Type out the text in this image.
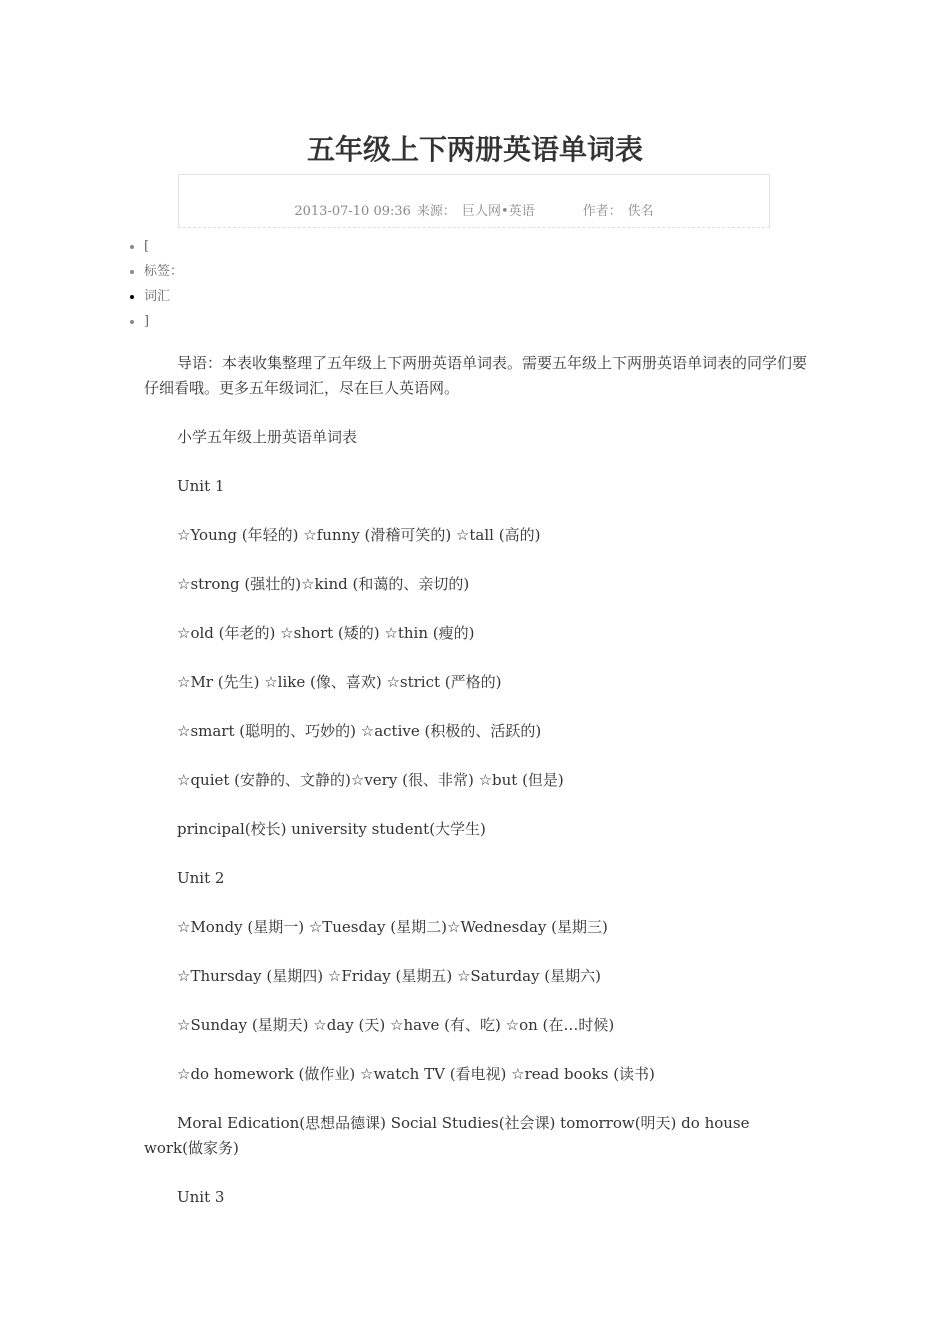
五年级上下两册英语单词表
2013-07-10 09:36 来源： 巨人网•英语	作者： 佚名
• [
• 标签：
• 词汇
• ]

导语：本表收集整理了五年级上下两册英语单词表。需要五年级上下两册英语单词表的同学们要仔细看哦。更多五年级词汇，尽在巨人英语网。

小学五年级上册英语单词表

Unit 1

☆Young (年轻的) ☆funny (滑稽可笑的) ☆tall (高的)

☆strong (强壮的)☆kind (和蔼的、亲切的)

☆old (年老的) ☆short (矮的) ☆thin (瘦的)

☆Mr (先生) ☆like (像、喜欢) ☆strict (严格的)

☆smart (聪明的、巧妙的) ☆active (积极的、活跃的)

☆quiet (安静的、文静的)☆very (很、非常) ☆but (但是)

principal(校长) university student(大学生)

Unit 2

☆Mondy (星期一) ☆Tuesday (星期二)☆Wednesday (星期三)

☆Thursday (星期四) ☆Friday (星期五) ☆Saturday (星期六)

☆Sunday (星期天) ☆day (天) ☆have (有、吃) ☆on (在…时候)

☆do homework (做作业) ☆watch TV (看电视) ☆read books (读书)

Moral Edication(思想品德课) Social Studies(社会课) tomorrow(明天) do house work(做家务)

Unit 3
